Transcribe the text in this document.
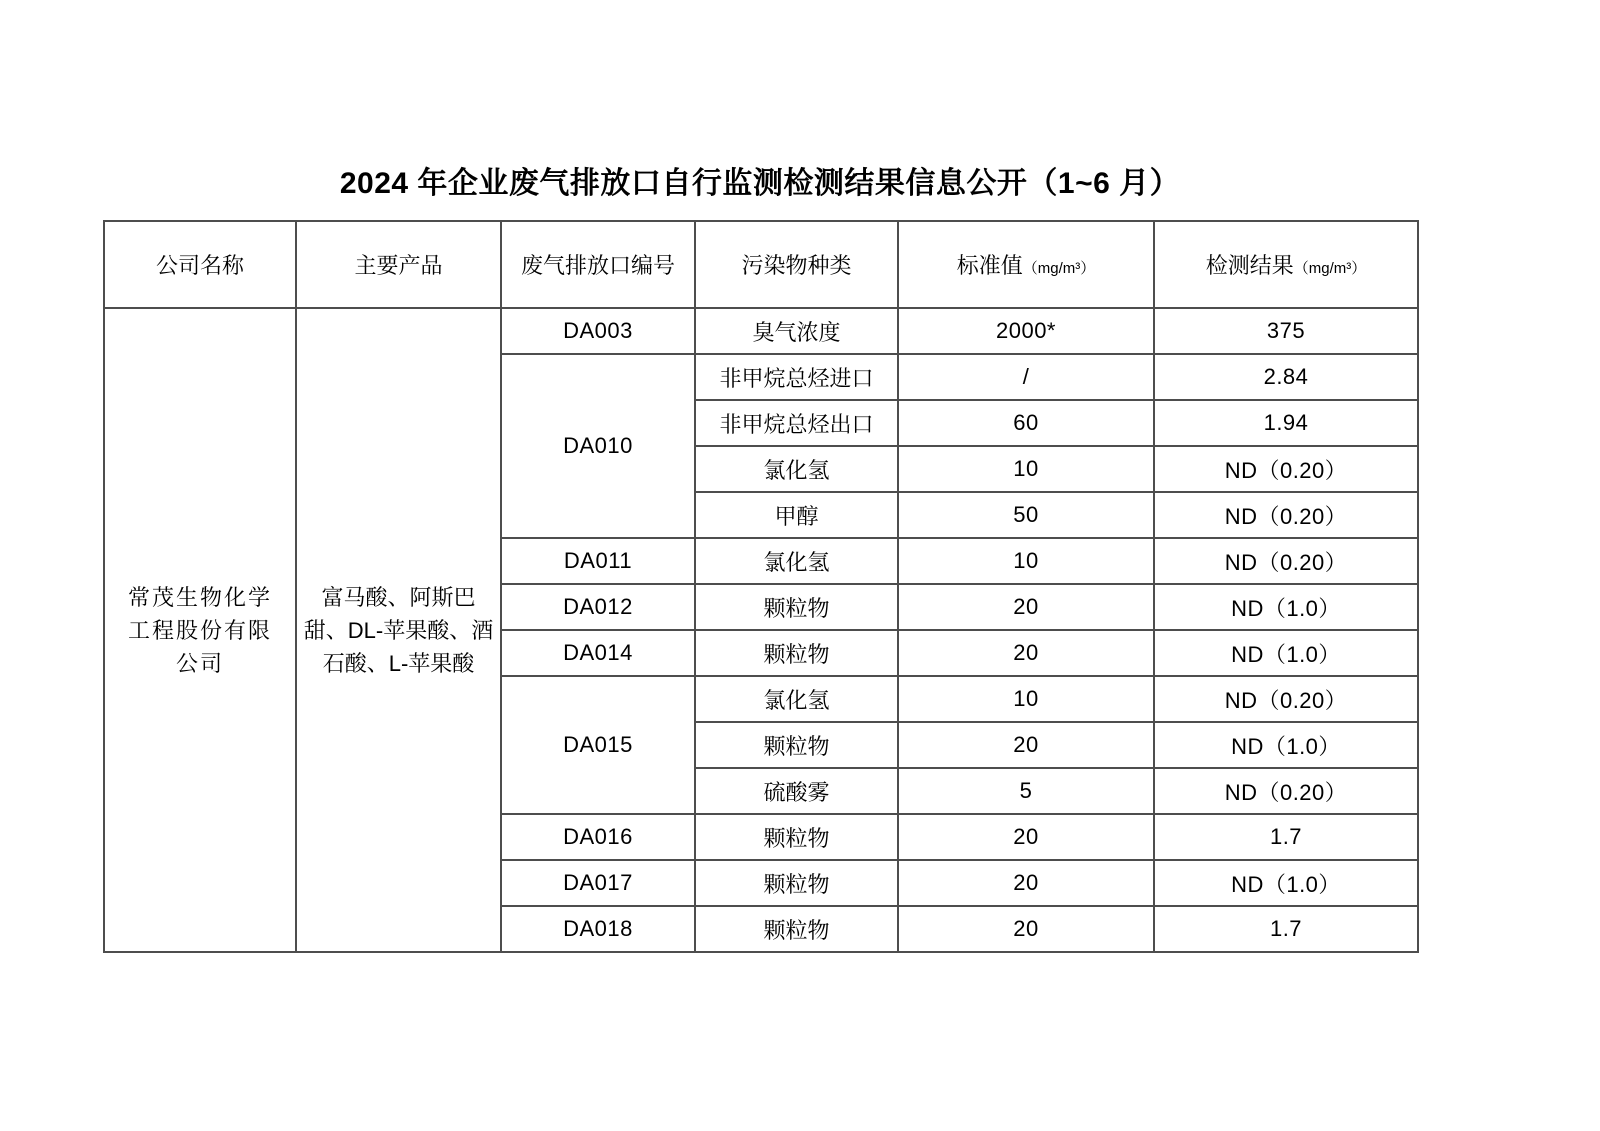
2024 年企业废气排放口自行监测检测结果信息公开（1~6 月）
公司名称	主要产品	废气排放口编号	污染物种类	标准值（mg/m³）	检测结果（mg/m³）
常茂生物化学工程股份有限公司	富马酸、阿斯巴甜、DL-苹果酸、酒石酸、L-苹果酸	DA003	臭气浓度	2000*	375
		DA010	非甲烷总烃进口	/	2.84
			非甲烷总烃出口	60	1.94
			氯化氢	10	ND（0.20）
			甲醇	50	ND（0.20）
		DA011	氯化氢	10	ND（0.20）
		DA012	颗粒物	20	ND（1.0）
		DA014	颗粒物	20	ND（1.0）
		DA015	氯化氢	10	ND（0.20）
			颗粒物	20	ND（1.0）
			硫酸雾	5	ND（0.20）
		DA016	颗粒物	20	1.7
		DA017	颗粒物	20	ND（1.0）
		DA018	颗粒物	20	1.7
